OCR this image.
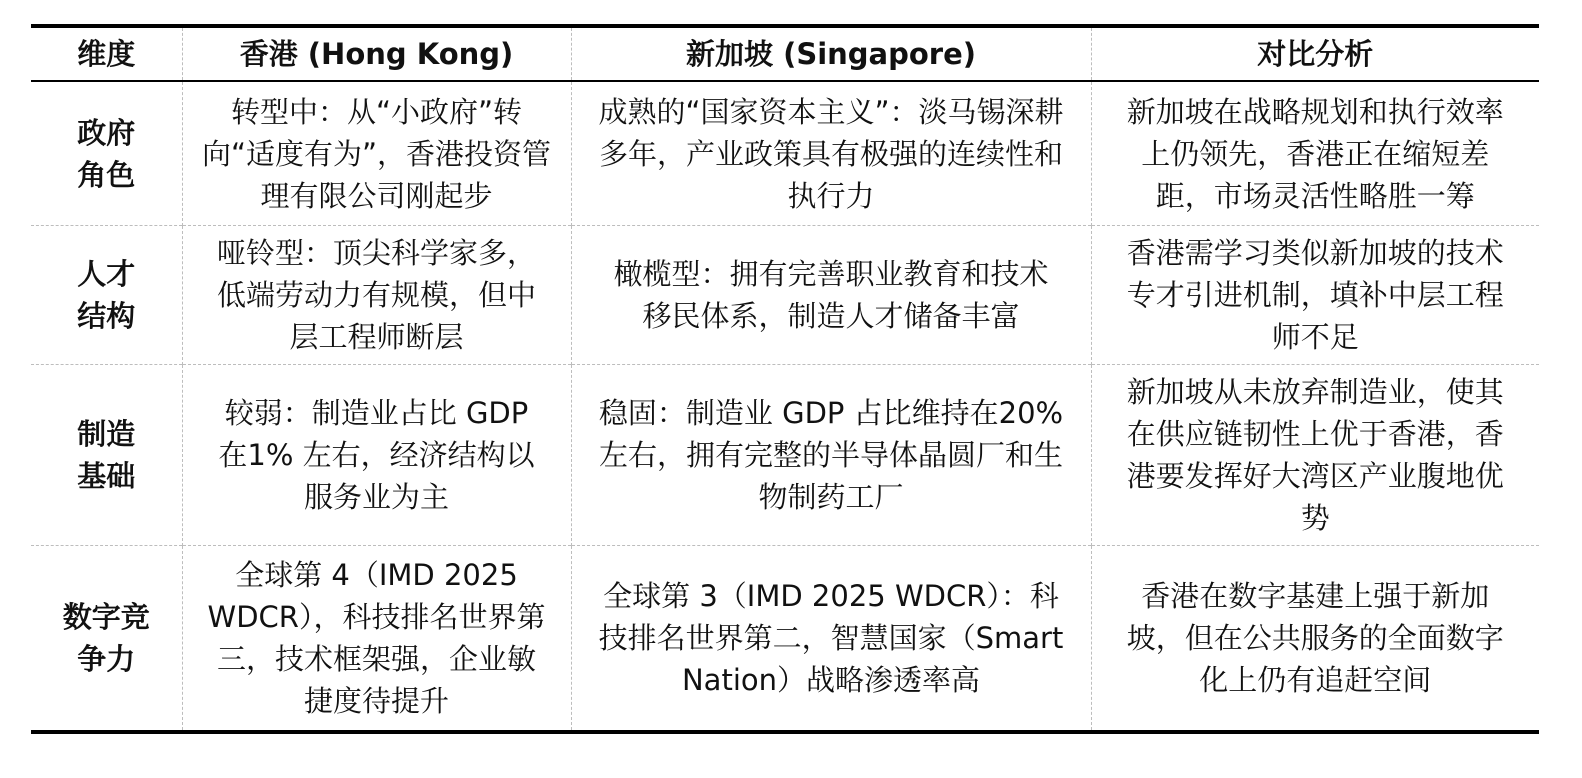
维度	香港 (Hong Kong)	新加坡 (Singapore)	对比分析
政府角色	转型中：从“小政府”转向“适度有为”，香港投资管理有限公司刚起步	成熟的“国家资本主义”：淡马锡深耕多年，产业政策具有极强的连续性和执行力	新加坡在战略规划和执行效率上仍领先，香港正在缩短差距，市场灵活性略胜一筹
人才结构	哑铃型：顶尖科学家多，低端劳动力有规模，但中层工程师断层	橄榄型：拥有完善职业教育和技术移民体系，制造人才储备丰富	香港需学习类似新加坡的技术专才引进机制，填补中层工程师不足
制造基础	较弱：制造业占比 GDP 在1% 左右，经济结构以服务业为主	稳固：制造业 GDP 占比维持在20%左右，拥有完整的半导体晶圆厂和生物制药工厂	新加坡从未放弃制造业，使其在供应链韧性上优于香港，香港要发挥好大湾区产业腹地优势
数字竞争力	全球第 4（IMD 2025 WDCR），科技排名世界第三，技术框架强，企业敏捷度待提升	全球第 3（IMD 2025 WDCR）：科技排名世界第二，智慧国家（Smart Nation）战略渗透率高	香港在数字基建上强于新加坡，但在公共服务的全面数字化上仍有追赶空间
